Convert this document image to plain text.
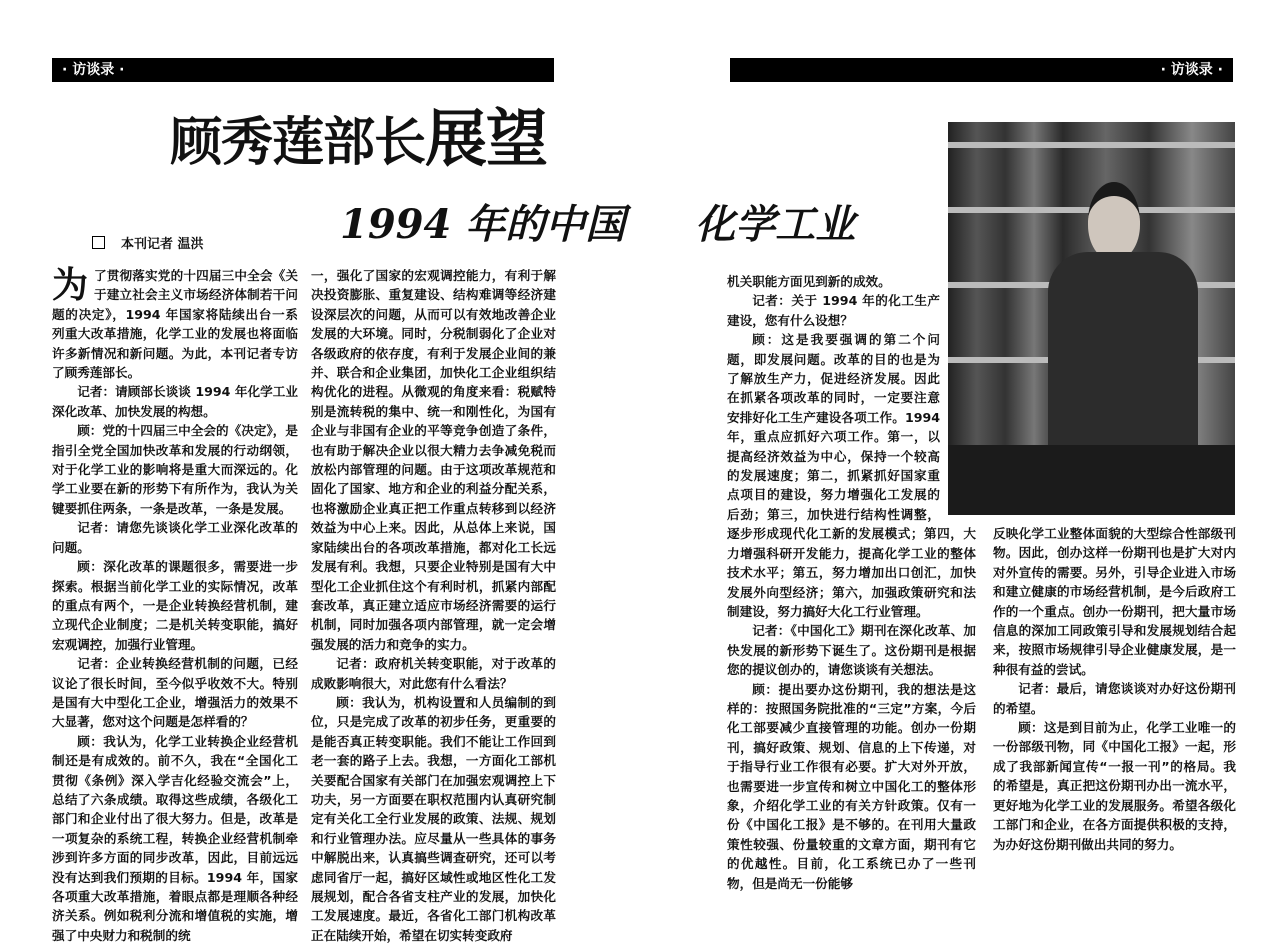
· 访谈录 ·	· 访谈录 ·
顾秀莲部长展望
1994 年的中国 化学工业
本刊记者 温洪

为了贯彻落实党的十四届三中全会《关于建立社会主义市场经济体制若干问题的决定》，1994 年国家将陆续出台一系列重大改革措施，化学工业的发展也将面临许多新情况和新问题。为此，本刊记者专访了顾秀莲部长。

记者：请顾部长谈谈 1994 年化学工业深化改革、加快发展的构想。

顾：党的十四届三中全会的《决定》，是指引全党全国加快改革和发展的行动纲领，对于化学工业的影响将是重大而深远的。化学工业要在新的形势下有所作为，我认为关键要抓住两条，一条是改革，一条是发展。

记者：请您先谈谈化学工业深化改革的问题。

顾：深化改革的课题很多，需要进一步探索。根据当前化学工业的实际情况，改革的重点有两个，一是企业转换经营机制，建立现代企业制度；二是机关转变职能，搞好宏观调控，加强行业管理。

记者：企业转换经营机制的问题，已经议论了很长时间，至今似乎收效不大。特别是国有大中型化工企业，增强活力的效果不大显著，您对这个问题是怎样看的？

顾：我认为，化学工业转换企业经营机制还是有成效的。前不久，我在“全国化工贯彻《条例》深入学吉化经验交流会”上，总结了六条成绩。取得这些成绩，各级化工部门和企业付出了很大努力。但是，改革是一项复杂的系统工程，转换企业经营机制牵涉到许多方面的同步改革，因此，目前远远没有达到我们预期的目标。1994 年，国家各项重大改革措施，着眼点都是理顺各种经济关系。例如税利分流和增值税的实施，增强了中央财力和税制的统

一，强化了国家的宏观调控能力，有利于解决投资膨胀、重复建设、结构难调等经济建设深层次的问题，从而可以有效地改善企业发展的大环境。同时，分税制弱化了企业对各级政府的依存度，有利于发展企业间的兼并、联合和企业集团，加快化工企业组织结构优化的进程。从微观的角度来看：税赋特别是流转税的集中、统一和刚性化，为国有企业与非国有企业的平等竞争创造了条件，也有助于解决企业以很大精力去争减免税而放松内部管理的问题。由于这项改革规范和固化了国家、地方和企业的利益分配关系，也将激励企业真正把工作重点转移到以经济效益为中心上来。因此，从总体上来说，国家陆续出台的各项改革措施，都对化工长远发展有利。我想，只要企业特别是国有大中型化工企业抓住这个有利时机，抓紧内部配套改革，真正建立适应市场经济需要的运行机制，同时加强各项内部管理，就一定会增强发展的活力和竞争的实力。

记者：政府机关转变职能，对于改革的成败影响很大，对此您有什么看法？

顾：我认为，机构设置和人员编制的到位，只是完成了改革的初步任务，更重要的是能否真正转变职能。我们不能让工作回到老一套的路子上去。我想，一方面化工部机关要配合国家有关部门在加强宏观调控上下功夫，另一方面要在职权范围内认真研究制定有关化工全行业发展的政策、法规、规划和行业管理办法。应尽量从一些具体的事务中解脱出来，认真搞些调查研究，还可以考虑同省厅一起，搞好区域性或地区性化工发展规划，配合各省支柱产业的发展，加快化工发展速度。最近，各省化工部门机构改革正在陆续开始，希望在切实转变政府

机关职能方面见到新的成效。

记者：关于 1994 年的化工生产建设，您有什么设想？

顾：这是我要强调的第二个问题，即发展问题。改革的目的也是为了解放生产力，促进经济发展。因此在抓紧各项改革的同时，一定要注意安排好化工生产建设各项工作。1994 年，重点应抓好六项工作。第一，以提高经济效益为中心，保持一个较高的发展速度；第二，抓紧抓好国家重点项目的建设，努力增强化工发展的后劲；第三，加快进行结构性调整，逐步形成现代化工新的发展模式；第四，大力增强科研开发能力，提高化学工业的整体技术水平；第五，努力增加出口创汇，加快发展外向型经济；第六，加强政策研究和法制建设，努力搞好大化工行业管理。

记者：《中国化工》期刊在深化改革、加快发展的新形势下诞生了。这份期刊是根据您的提议创办的，请您谈谈有关想法。

顾：提出要办这份期刊，我的想法是这样的：按照国务院批准的“三定”方案，今后化工部要减少直接管理的功能。创办一份期刊，搞好政策、规划、信息的上下传递，对于指导行业工作很有必要。扩大对外开放，也需要进一步宣传和树立中国化工的整体形象，介绍化学工业的有关方针政策。仅有一份《中国化工报》是不够的。在刊用大量政策性较强、份量较重的文章方面，期刊有它的优越性。目前，化工系统已办了一些刊物，但是尚无一份能够

反映化学工业整体面貌的大型综合性部级刊物。因此，创办这样一份期刊也是扩大对内对外宣传的需要。另外，引导企业进入市场和建立健康的市场经营机制，是今后政府工作的一个重点。创办一份期刊，把大量市场信息的深加工同政策引导和发展规划结合起来，按照市场规律引导企业健康发展，是一种很有益的尝试。

记者：最后，请您谈谈对办好这份期刊的希望。

顾：这是到目前为止，化学工业唯一的一份部级刊物，同《中国化工报》一起，形成了我部新闻宣传“一报一刊”的格局。我的希望是，真正把这份期刊办出一流水平，更好地为化学工业的发展服务。希望各级化工部门和企业，在各方面提供积极的支持，为办好这份期刊做出共同的努力。
